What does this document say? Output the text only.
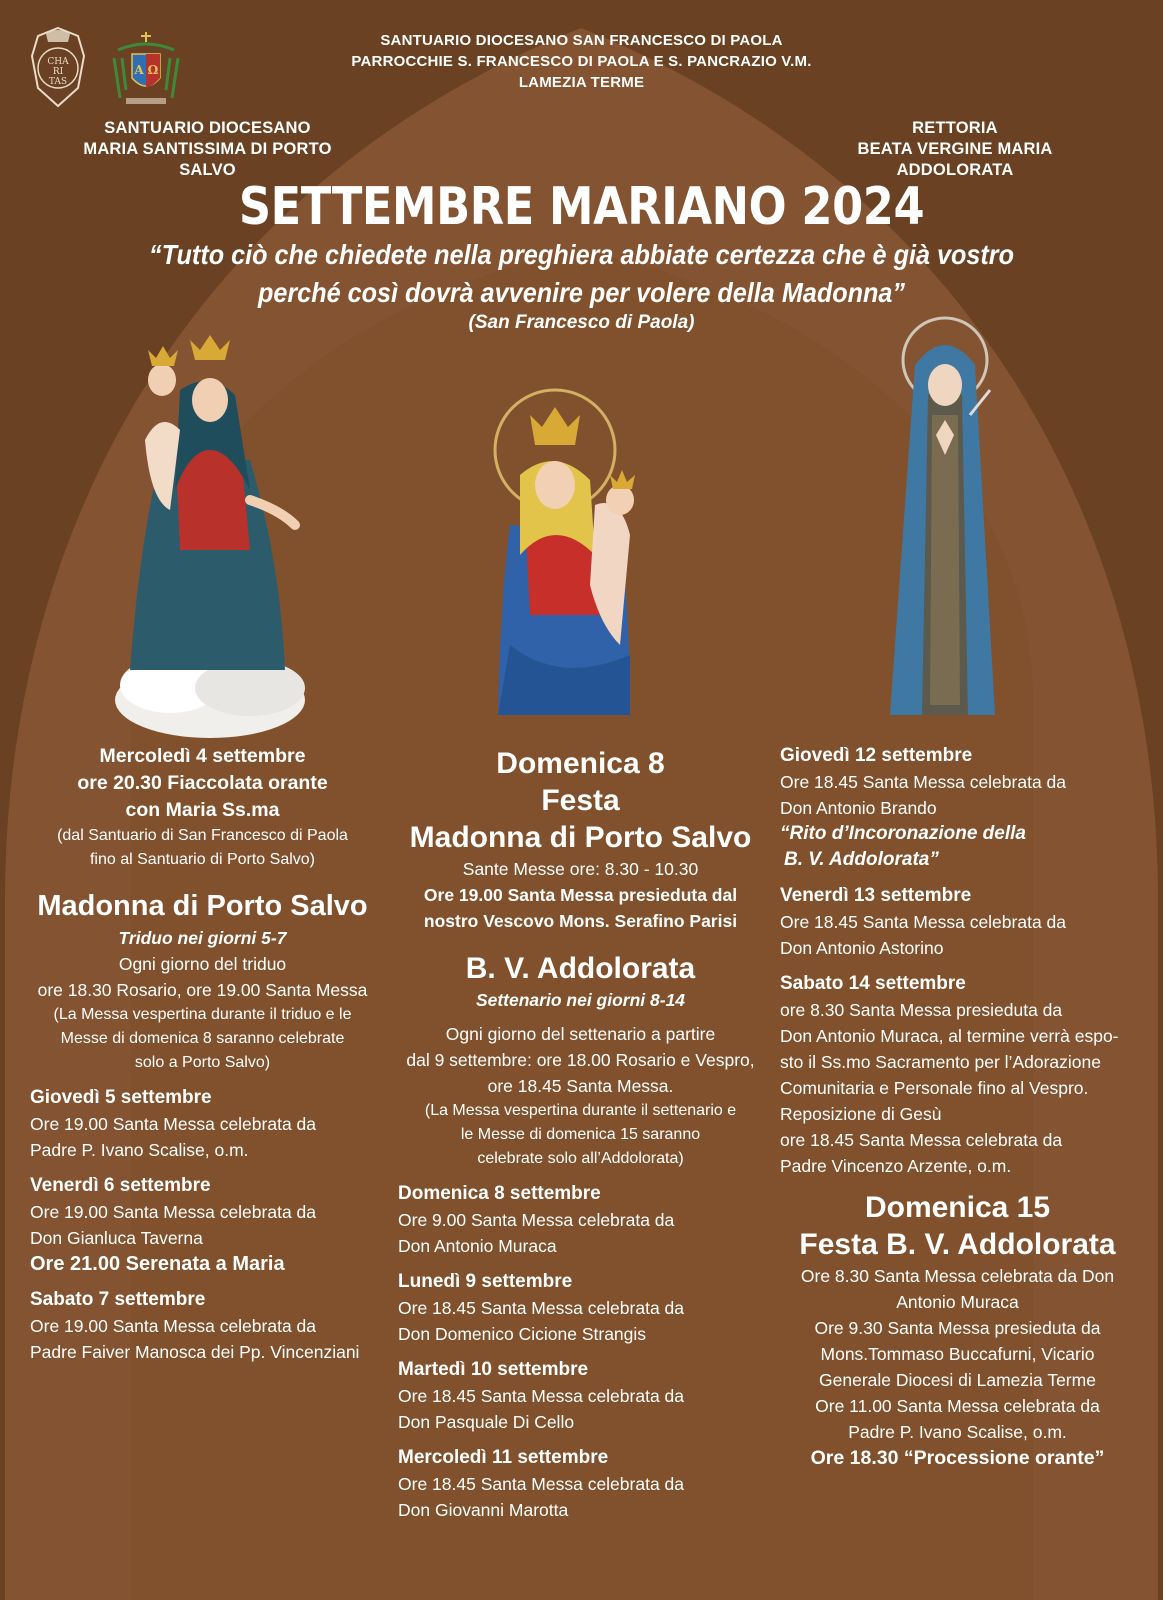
CHA
RI
TAS
A Ω
SANTUARIO DIOCESANO SAN FRANCESCO DI PAOLA
PARROCCHIE S. FRANCESCO DI PAOLA E S. PANCRAZIO V.M.
LAMEZIA TERME
SANTUARIO DIOCESANO
MARIA SANTISSIMA DI PORTO SALVO
RETTORIA
BEATA VERGINE MARIA ADDOLORATA
SETTEMBRE MARIANO 2024
“Tutto ciò che chiedete nella preghiera abbiate certezza che è già vostro
perché così dovrà avvenire per volere della Madonna”
(San Francesco di Paola)

Mercoledì 4 settembre

ore 20.30 Fiaccolata orante

con Maria Ss.ma

(dal Santuario di San Francesco di Paola

fino al Santuario di Porto Salvo)

Madonna di Porto Salvo

Triduo nei giorni 5-7

Ogni giorno del triduo

ore 18.30 Rosario, ore 19.00 Santa Messa

(La Messa vespertina durante il triduo e le

Messe di domenica 8 saranno celebrate

solo a Porto Salvo)

Giovedì 5 settembre

Ore 19.00 Santa Messa celebrata da

Padre P. Ivano Scalise, o.m.

Venerdì 6 settembre

Ore 19.00 Santa Messa celebrata da

Don Gianluca Taverna

Ore 21.00 Serenata a Maria

Sabato 7 settembre

Ore 19.00 Santa Messa celebrata da

Padre Faiver Manosca dei Pp. Vincenziani

Domenica 8

Festa

Madonna di Porto Salvo

Sante Messe ore: 8.30 - 10.30

Ore 19.00 Santa Messa presieduta dal

nostro Vescovo Mons. Serafino Parisi

B. V. Addolorata

Settenario nei giorni 8-14

Ogni giorno del settenario a partire

dal 9 settembre: ore 18.00 Rosario e Vespro,

ore 18.45 Santa Messa.

(La Messa vespertina durante il settenario e

le Messe di domenica 15 saranno

celebrate solo all’Addolorata)

Domenica 8 settembre

Ore 9.00 Santa Messa celebrata da

Don Antonio Muraca

Lunedì 9 settembre

Ore 18.45 Santa Messa celebrata da

Don Domenico Cicione Strangis

Martedì 10 settembre

Ore 18.45 Santa Messa celebrata da

Don Pasquale Di Cello

Mercoledì 11 settembre

Ore 18.45 Santa Messa celebrata da

Don Giovanni Marotta

Giovedì 12 settembre

Ore 18.45 Santa Messa celebrata da

Don Antonio Brando

“Rito d’Incoronazione della

B. V. Addolorata”

Venerdì 13 settembre

Ore 18.45 Santa Messa celebrata da

Don Antonio Astorino

Sabato 14 settembre

ore 8.30 Santa Messa presieduta da

Don Antonio Muraca, al termine verrà espo-

sto il Ss.mo Sacramento per l’Adorazione

Comunitaria e Personale fino al Vespro.

Reposizione di Gesù

ore 18.45 Santa Messa celebrata da

Padre Vincenzo Arzente, o.m.

Domenica 15

Festa B. V. Addolorata

Ore 8.30 Santa Messa celebrata da Don

Antonio Muraca

Ore 9.30 Santa Messa presieduta da

Mons.Tommaso Buccafurni, Vicario

Generale Diocesi di Lamezia Terme

Ore 11.00 Santa Messa celebrata da

Padre P. Ivano Scalise, o.m.

Ore 18.30 “Processione orante”
